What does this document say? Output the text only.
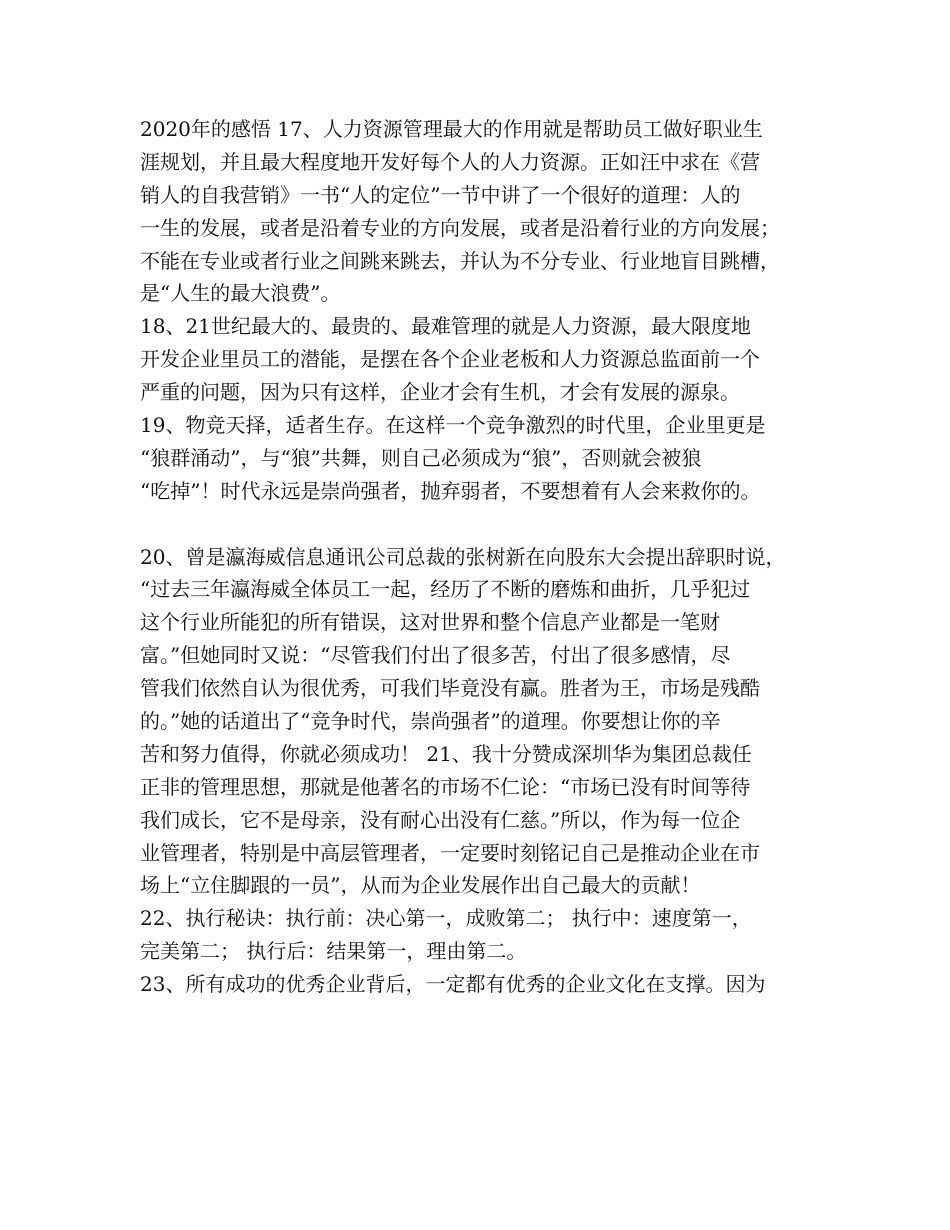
2020年的感悟 17、人力资源管理最大的作用就是帮助员工做好职业生
涯规划，并且最大程度地开发好每个人的人力资源。正如汪中求在《营
销人的自我营销》一书“人的定位”一节中讲了一个很好的道理：人的
一生的发展，或者是沿着专业的方向发展，或者是沿着行业的方向发展；
不能在专业或者行业之间跳来跳去，并认为不分专业、行业地盲目跳槽，
是“人生的最大浪费”。
18、21世纪最大的、最贵的、最难管理的就是人力资源，最大限度地
开发企业里员工的潜能，是摆在各个企业老板和人力资源总监面前一个
严重的问题，因为只有这样，企业才会有生机，才会有发展的源泉。
19、物竞天择，适者生存。在这样一个竞争激烈的时代里，企业里更是
“狼群涌动”，与“狼”共舞，则自己必须成为“狼”，否则就会被狼
“吃掉”！时代永远是崇尚强者，抛弃弱者，不要想着有人会来救你的。
20、曾是瀛海威信息通讯公司总裁的张树新在向股东大会提出辞职时说，
“过去三年瀛海威全体员工一起，经历了不断的磨炼和曲折，几乎犯过
这个行业所能犯的所有错误，这对世界和整个信息产业都是一笔财
富。”但她同时又说：“尽管我们付出了很多苦，付出了很多感情，尽
管我们依然自认为很优秀，可我们毕竟没有赢。胜者为王，市场是残酷
的。”她的话道出了“竞争时代，崇尚强者”的道理。你要想让你的辛
苦和努力值得，你就必须成功！ 21、我十分赞成深圳华为集团总裁任
正非的管理思想，那就是他著名的市场不仁论：“市场已没有时间等待
我们成长，它不是母亲，没有耐心出没有仁慈。”所以，作为每一位企
业管理者，特别是中高层管理者，一定要时刻铭记自己是推动企业在市
场上“立住脚跟的一员”，从而为企业发展作出自己最大的贡献！
22、执行秘诀：执行前：决心第一，成败第二； 执行中：速度第一，
完美第二； 执行后：结果第一，理由第二。
23、所有成功的优秀企业背后，一定都有优秀的企业文化在支撑。因为
